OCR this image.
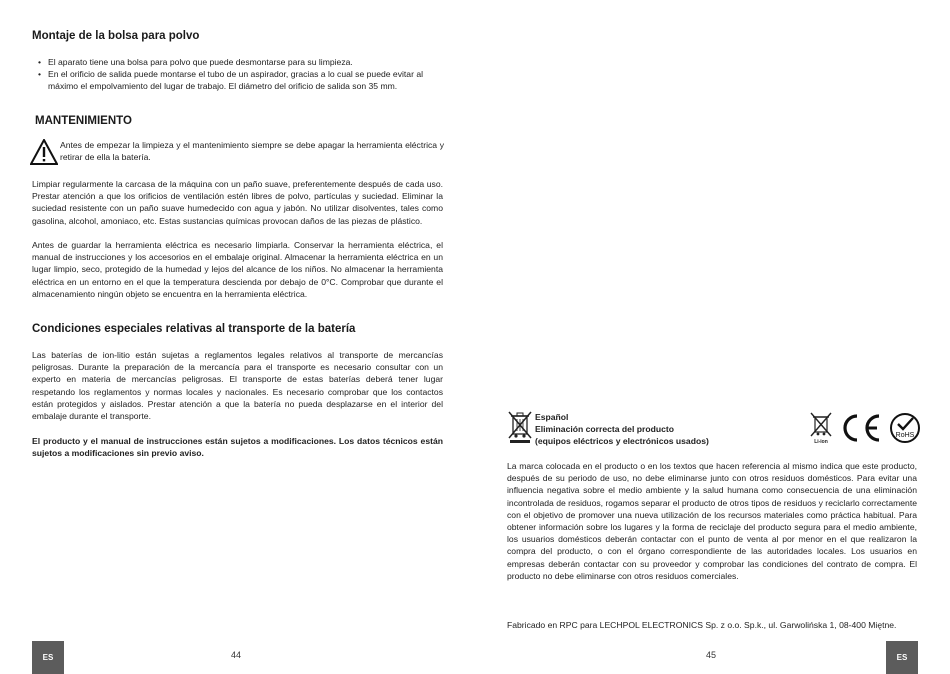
Montaje de la bolsa para polvo
• El aparato tiene una bolsa para polvo que puede desmontarse para su limpieza.
• En el orificio de salida puede montarse el tubo de un aspirador, gracias a lo cual se puede evitar al máximo el empolvamiento del lugar de trabajo. El diámetro del orificio de salida son 35 mm.
MANTENIMIENTO
Antes de empezar la limpieza y el mantenimiento siempre se debe apagar la herramienta eléctrica y retirar de ella la batería.
Limpiar regularmente la carcasa de la máquina con un paño suave, preferentemente después de cada uso. Prestar atención a que los orificios de ventilación estén libres de polvo, partículas y suciedad. Eliminar la suciedad resistente con un paño suave humedecido con agua y jabón. No utilizar disolventes, tales como gasolina, alcohol, amoniaco, etc. Estas sustancias químicas provocan daños de las piezas de plástico.
Antes de guardar la herramienta eléctrica es necesario limpiarla. Conservar la herramienta eléctrica, el manual de instrucciones y los accesorios en el embalaje original. Almacenar la herramienta eléctrica en un lugar limpio, seco, protegido de la humedad y lejos del alcance de los niños. No almacenar la herramienta eléctrica en un entorno en el que la temperatura descienda por debajo de 0°C. Comprobar que durante el almacenamiento ningún objeto se encuentra en la herramienta eléctrica.
Condiciones especiales relativas al transporte de la batería
Las baterías de ion-litio están sujetas a reglamentos legales relativos al transporte de mercancías peligrosas. Durante la preparación de la mercancía para el transporte es necesario consultar con un experto en materia de mercancías peligrosas. El transporte de estas baterías deberá tener lugar respetando los reglamentos y normas locales y nacionales. Es necesario comprobar que los contactos están protegidos y aislados. Prestar atención a que la batería no pueda desplazarse en el interior del embalaje durante el transporte.
El producto y el manual de instrucciones están sujetos a modificaciones. Los datos técnicos están sujetos a modificaciones sin previo aviso.
ES	44
Español
Eliminación correcta del producto
(equipos eléctricos y electrónicos usados)	Li-ion
RoHS
La marca colocada en el producto o en los textos que hacen referencia al mismo indica que este producto, después de su periodo de uso, no debe eliminarse junto con otros residuos domésticos. Para evitar una influencia negativa sobre el medio ambiente y la salud humana como consecuencia de una eliminación incontrolada de residuos, rogamos separar el producto de otros tipos de residuos y reciclarlo correctamente con el objetivo de promover una nueva utilización de los recursos materiales como práctica habitual. Para obtener información sobre los lugares y la forma de reciclaje del producto segura para el medio ambiente, los usuarios domésticos deberán contactar con el punto de venta al por menor en el que realizaron la compra del producto, o con el órgano correspondiente de las autoridades locales. Los usuarios en empresas deberán contactar con su proveedor y comprobar las condiciones del contrato de compra. El producto no debe eliminarse con otros residuos comerciales.
Fabricado en RPC para LECHPOL ELECTRONICS Sp. z o.o. Sp.k., ul. Garwolińska 1, 08-400 Miętne.
45	ES
